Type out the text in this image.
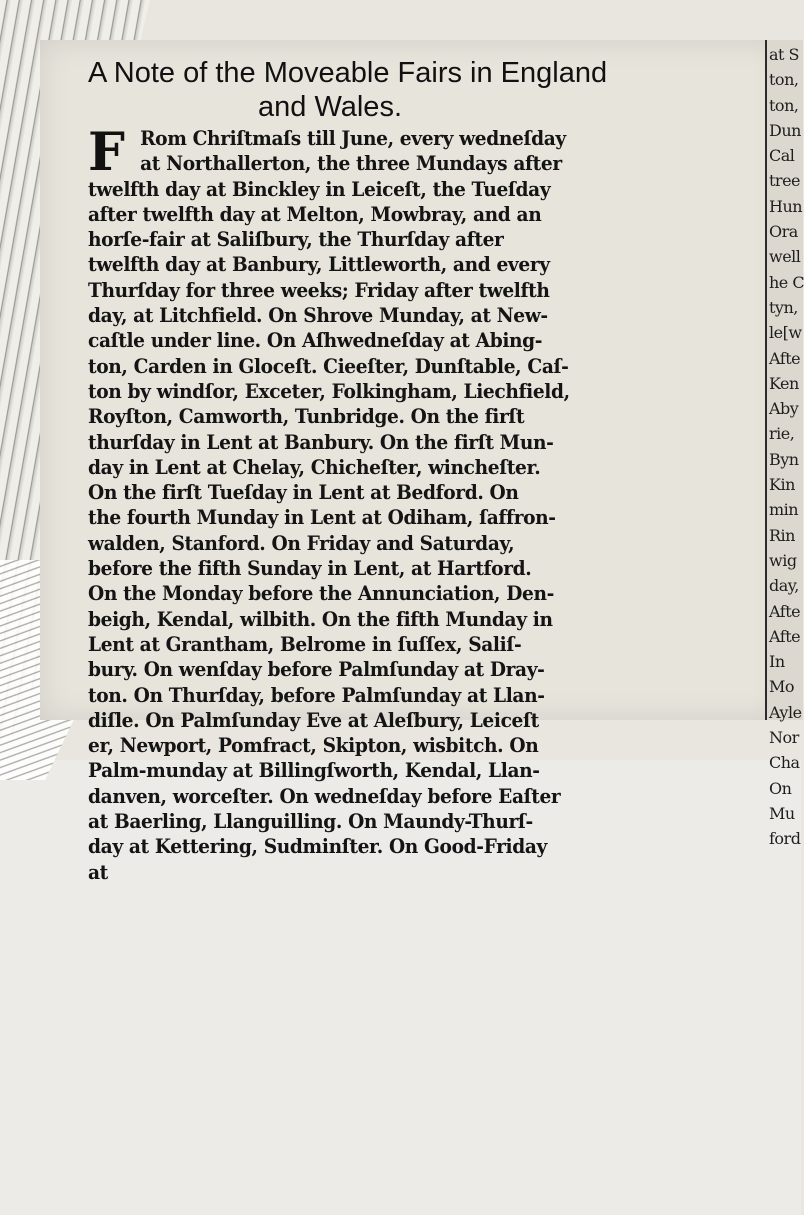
A Note of the Moveable Fairs in England
and Wales.
F Rom Chriſtmaſs till June, every wedneſday
at Northallerton, the three Mundays after
twelfth day at Binckley in Leiceſt, the Tueſday
after twelfth day at Melton, Mowbray, and an
horſe-fair at Saliſbury, the Thurſday after
twelfth day at Banbury, Littleworth, and every
Thurſday for three weeks; Friday after twelfth
day, at Litchfield. On Shrove Munday, at New-
caſtle under line. On Aſhwedneſday at Abing-
ton, Carden in Gloceſt. Cieeſter, Dunſtable, Caſ-
ton by windſor, Exceter, Folkingham, Liechfield,
Royſton, Camworth, Tunbridge. On the firſt
thurſday in Lent at Banbury. On the firſt Mun-
day in Lent at Chelay, Chicheſter, wincheſter.
On the firſt Tueſday in Lent at Bedford. On
the fourth Munday in Lent at Odiham, ſaffron-
walden, Stanford. On Friday and Saturday,
before the fifth Sunday in Lent, at Hartford.
On the Monday before the Annunciation, Den-
beigh, Kendal, wilbith. On the fifth Munday in
Lent at Grantham, Belrome in ſuſſex, Saliſ-
bury. On wenſday before Palmſunday at Dray-
ton. On Thurſday, before Palmſunday at Llan-
diſle. On Palmſunday Eve at Aleſbury, Leiceſt
er, Newport, Pomfract, Skipton, wisbitch. On
Palm-munday at Billingſworth, Kendal, Llan-
danven, worceſter. On wedneſday before Eaſter
at Baerling, Llanguilling. On Maundy-Thurſ-
day at Kettering, Sudminſter. On Good-Friday
at
at S
ton,
ton,
Dun
Cal
tree
Hun
Ora
well
he C
tyn,
le[w
Afte
Ken
Aby
rie,
Byn
Kin
min
Rin
wig
day,
Afte
Afte
In
Mo
Ayle
Nor
Cha
On
Mu
ford
